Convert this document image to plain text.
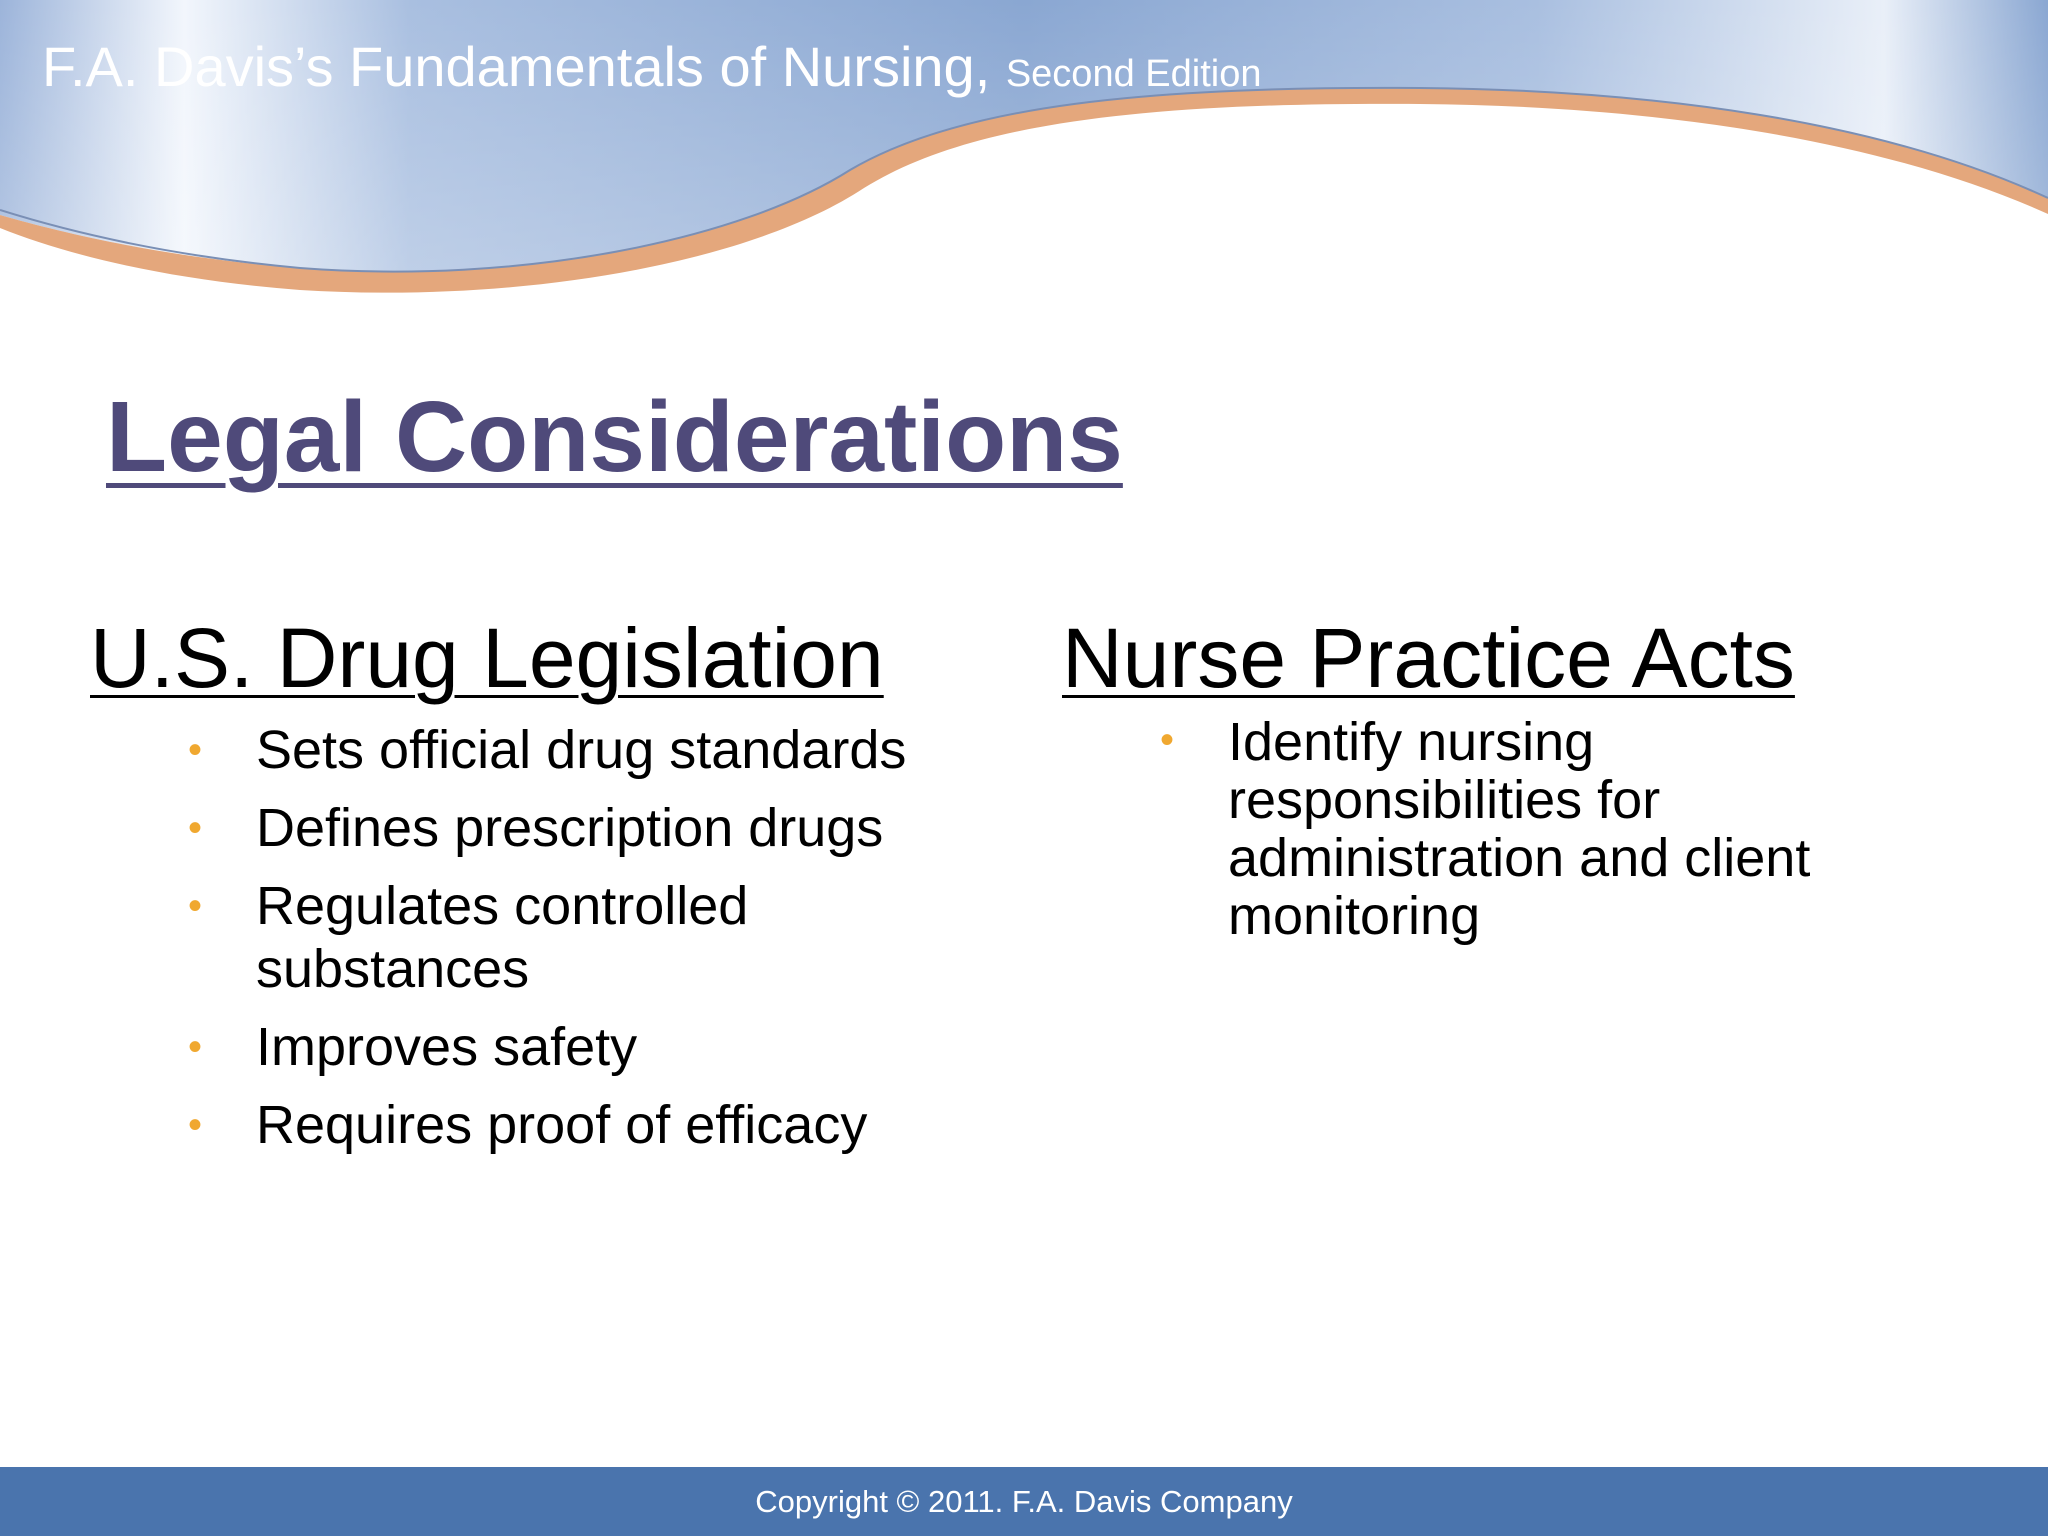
F.A. Davis’s Fundamentals of Nursing, Second Edition
Legal Considerations
U.S. Drug Legislation
• Sets official drug standards
• Defines prescription drugs
• Regulates controlled substances
• Improves safety
• Requires proof of efficacy
Nurse Practice Acts
• Identify nursing responsibilities for administration and client monitoring
Copyright © 2011. F.A. Davis Company
